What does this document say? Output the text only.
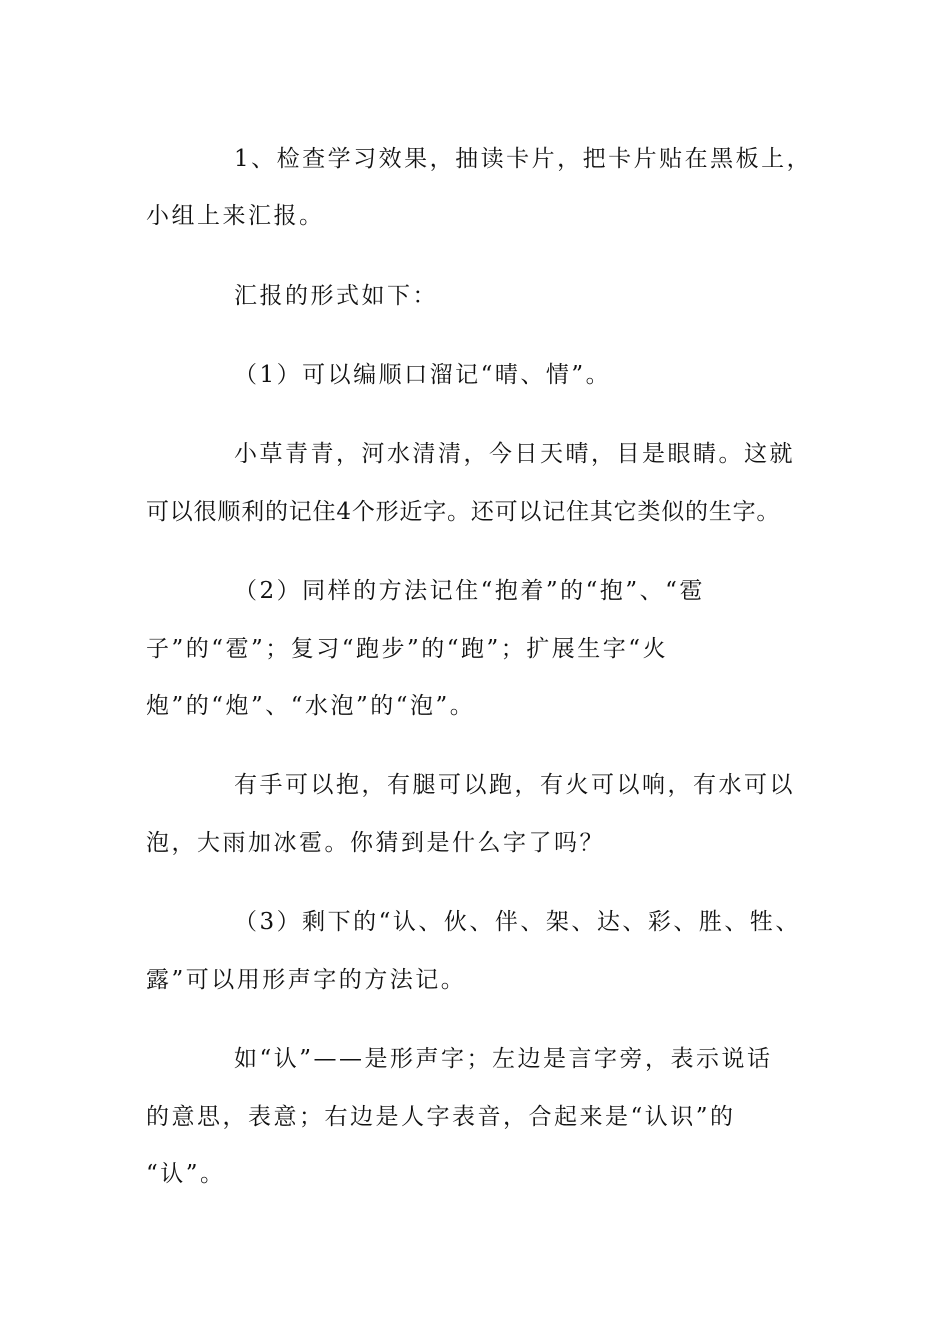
1、检查学习效果，抽读卡片，把卡片贴在黑板上，
小组上来汇报。
汇报的形式如下：
（1）可以编顺口溜记“晴、情”。
小草青青，河水清清，今日天晴，目是眼睛。这就
可以很顺利的记住4个形近字。还可以记住其它类似的生字。
（2）同样的方法记住“抱着”的“抱”、“雹
子”的“雹”；复习“跑步”的“跑”；扩展生字“火
炮”的“炮”、“水泡”的“泡”。
有手可以抱，有腿可以跑，有火可以响，有水可以
泡，大雨加冰雹。你猜到是什么字了吗？
（3）剩下的“认、伙、伴、架、达、彩、胜、牲、
露”可以用形声字的方法记。
如“认”——是形声字；左边是言字旁，表示说话
的意思，表意；右边是人字表音，合起来是“认识”的
“认”。
